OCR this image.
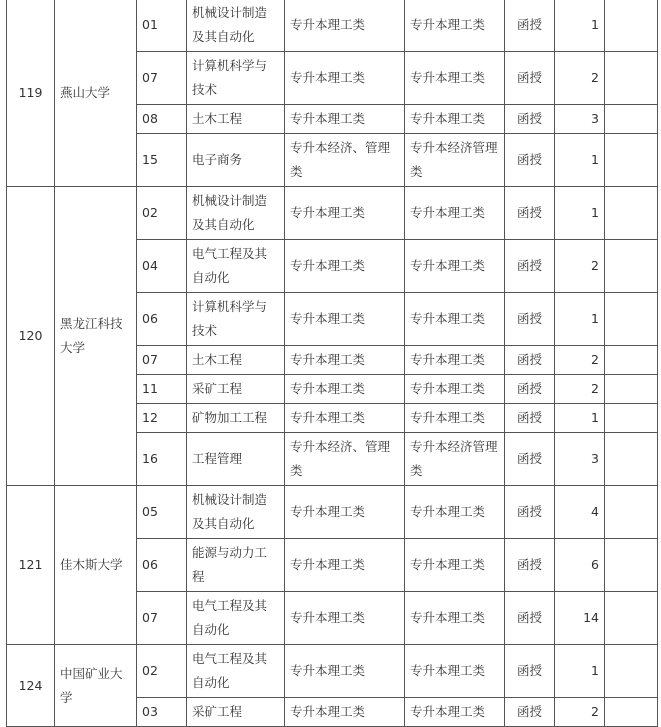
119	燕山大学	01	机械设计制造及其自动化	专升本理工类	专升本理工类	函授	1	
		07	计算机科学与技术	专升本理工类	专升本理工类	函授	2	
		08	土木工程	专升本理工类	专升本理工类	函授	3	
		15	电子商务	专升本经济、管理类	专升本经济管理类	函授	1	
120	黑龙江科技大学	02	机械设计制造及其自动化	专升本理工类	专升本理工类	函授	1	
		04	电气工程及其自动化	专升本理工类	专升本理工类	函授	2	
		06	计算机科学与技术	专升本理工类	专升本理工类	函授	1	
		07	土木工程	专升本理工类	专升本理工类	函授	2	
		11	采矿工程	专升本理工类	专升本理工类	函授	2	
		12	矿物加工工程	专升本理工类	专升本理工类	函授	1	
		16	工程管理	专升本经济、管理类	专升本经济管理类	函授	3	
121	佳木斯大学	05	机械设计制造及其自动化	专升本理工类	专升本理工类	函授	4	
		06	能源与动力工程	专升本理工类	专升本理工类	函授	6	
		07	电气工程及其自动化	专升本理工类	专升本理工类	函授	14	
124	中国矿业大学	02	电气工程及其自动化	专升本理工类	专升本理工类	函授	1	
		03	采矿工程	专升本理工类	专升本理工类	函授	2	
